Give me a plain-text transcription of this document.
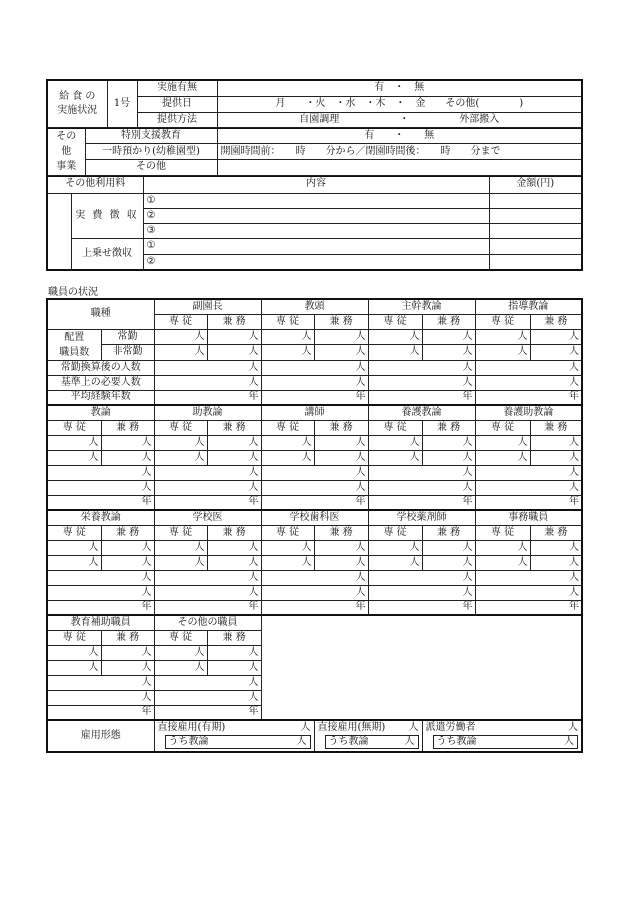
給 食 の
実施状況	1号	実施有無	有　・　無
		提供日	月　　・火　・水　・木　・　金　　その他(　　　　)
		提供方法	自園調理　　　　　　・　　　　　外部搬入
その
他
事業	特別支援教育	有　　・　　無
	一時預かり(幼稚園型)	開園時間前：　　時　　分から／閉園時間後：　　時　　分まで
	その他	
その他利用料		内容	金額(円)
	実 費 徴 収	①	
		②	
		③	
	上乗せ徴収	①	
		②	
職員の状況
職種		副園長		教頭		主幹教論		指導教論	
		専 従	兼 務	専 従	兼 務	専 従	兼 務	専 従	兼 務
配置
職員数	常勤	人	人	人	人	人	人	人	人
	非常勤	人	人	人	人	人	人	人	人
常勤換算後の人数		人		人		人		人	
基準上の必要人数		人		人		人		人	
平均経験年数		年		年		年		年	
教論		助教論		講師		養護教論		養護助教論	
専 従	兼 務	専 従	兼 務	専 従	兼 務	専 従	兼 務	専 従	兼 務
人	人	人	人	人	人	人	人	人	人
人	人	人	人	人	人	人	人	人	人
人		人		人		人		人	
人		人		人		人		人	
年		年		年		年		年	
栄養教論		学校医		学校歯科医		学校薬剤師		事務職員	
専 従	兼 務	専 従	兼 務	専 従	兼 務	専 従	兼 務	専 従	兼 務
人	人	人	人	人	人	人	人	人	人
人	人	人	人	人	人	人	人	人	人
人		人		人		人		人	
人		人		人		人		人	
年		年		年		年		年	
教育補助職員		その他の職員							
専 従	兼 務	専 従	兼 務						
人	人	人	人						
人	人	人	人						
人		人							
人		人							
年		年							
雇用形態		直接雇用(有期) 人			直接雇用(無期) 人		派遣労働者 人		

		うち教論 人			うち教論 人		うち教論 人		
